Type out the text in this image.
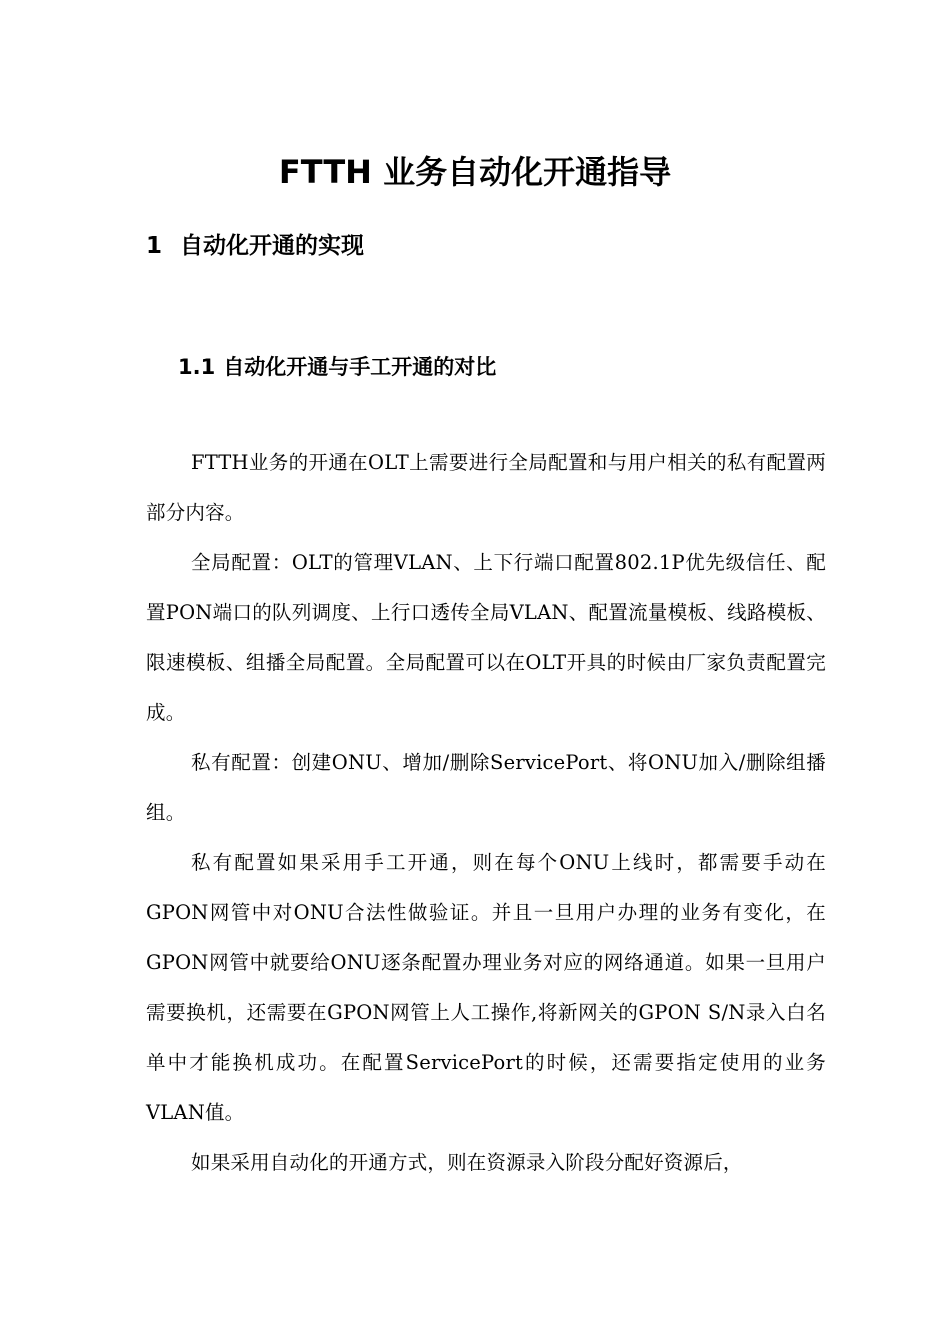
FTTH 业务自动化开通指导
1 自动化开通的实现
1.1 自动化开通与手工开通的对比

FTTH业务的开通在OLT上需要进行全局配置和与用户相关的私有配置两部分内容。

全局配置：OLT的管理VLAN、上下行端口配置802.1P优先级信任、配置PON端口的队列调度、上行口透传全局VLAN、配置流量模板、线路模板、限速模板、组播全局配置。全局配置可以在OLT开具的时候由厂家负责配置完成。

私有配置：创建ONU、增加/删除ServicePort、将ONU加入/删除组播组。

私有配置如果采用手工开通，则在每个ONU上线时，都需要手动在GPON网管中对ONU合法性做验证。并且一旦用户办理的业务有变化，在GPON网管中就要给ONU逐条配置办理业务对应的网络通道。如果一旦用户需要换机，还需要在GPON网管上人工操作,将新网关的GPON S/N录入白名单中才能换机成功。在配置ServicePort的时候，还需要指定使用的业务VLAN值。

如果采用自动化的开通方式，则在资源录入阶段分配好资源后，
